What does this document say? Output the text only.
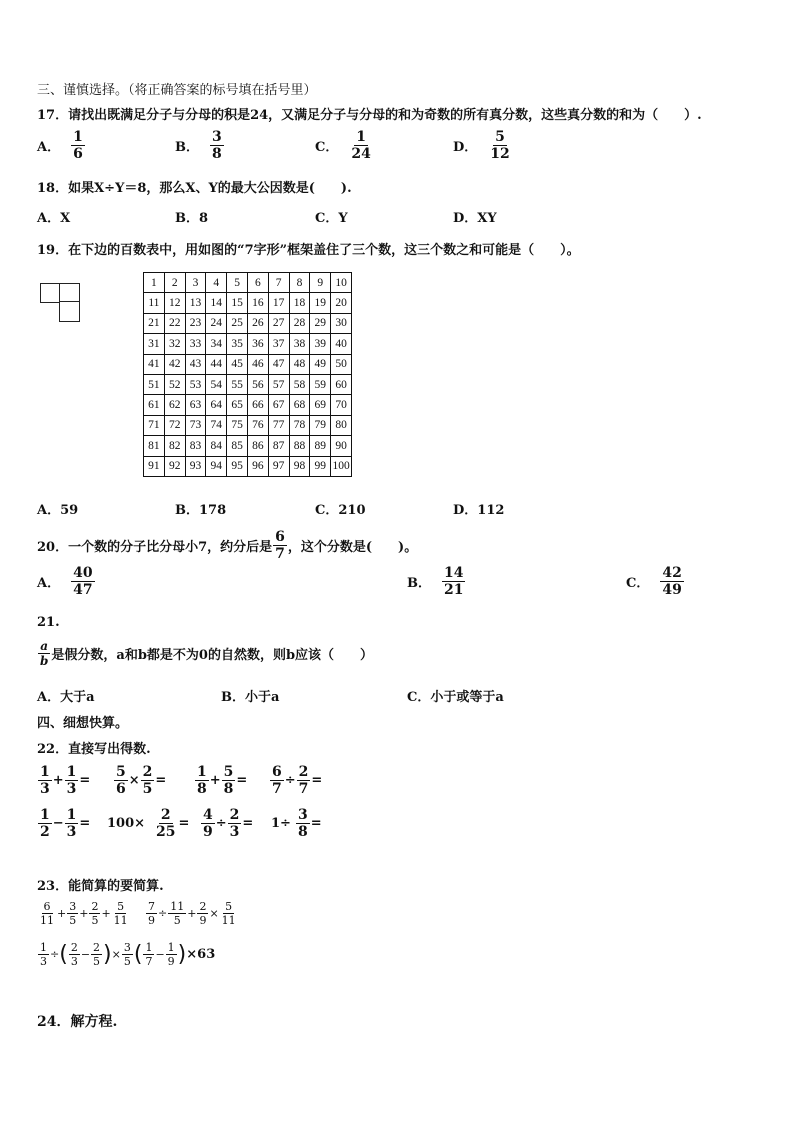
三、谨慎选择。（将正确答案的标号填在括号里）
17．请找出既满足分子与分母的积是24，又满足分子与分母的和为奇数的所有真分数，这些真分数的和为（　　）.
A． $\frac{1}{6}$	B． $\frac{3}{8}$	C． $\frac{1}{24}$	D． $\frac{5}{12}$
18．如果X÷Y＝8，那么X、Y的最大公因数是(　　).
A．X	B．8	C．Y	D．XY
19．在下边的百数表中，用如图的“7字形”框架盖住了三个数，这三个数之和可能是（　　）。
1	2	3	4	5	6	7	8	9	10
11	12	13	14	15	16	17	18	19	20
21	22	23	24	25	26	27	28	29	30
31	32	33	34	35	36	37	38	39	40
41	42	43	44	45	46	47	48	49	50
51	52	53	54	55	56	57	58	59	60
61	62	63	64	65	66	67	68	69	70
71	72	73	74	75	76	77	78	79	80
81	82	83	84	85	86	87	88	89	90
91	92	93	94	95	96	97	98	99	100
A．59	B．178	C．210	D．112
20．一个数的分子比分母小7，约分后是 $\frac{6}{7}$ ，这个分数是(　　)。
A． $\frac{40}{47}$	B． $\frac{14}{21}$	C． $\frac{42}{49}$
21.
$\frac{a}{b}$ 是假分数，a和b都是不为0的自然数，则b应该（　　）
A．大于a	B．小于a	C．小于或等于a
四、细想快算。
22．直接写出得数.
$\frac{1}{3} + \frac{1}{3} = \frac{5}{6} \times \frac{2}{5} = \frac{1}{8} + \frac{5}{8} = \frac{6}{7} \div \frac{2}{7}$ =
$\frac{1}{2} - \frac{1}{3} = 100\times \frac{2}{25} = \frac{4}{9} \div \frac{2}{3} = 1\div \frac{3}{8}$ =
23．能简算的要简算.
$\frac{6}{11} + \frac{3}{5} + \frac{2}{5} + \frac{5}{11} \frac{7}{9} \div \frac{11}{5} + \frac{2}{9} \times \frac{5}{11}$
$\frac{1}{3}$ ÷ ( $\frac{2}{3} - \frac{2}{5}$ ) × $\frac{3}{5}$ ( $\frac{1}{7} - \frac{1}{9}$ ) ×63
24．解方程.
